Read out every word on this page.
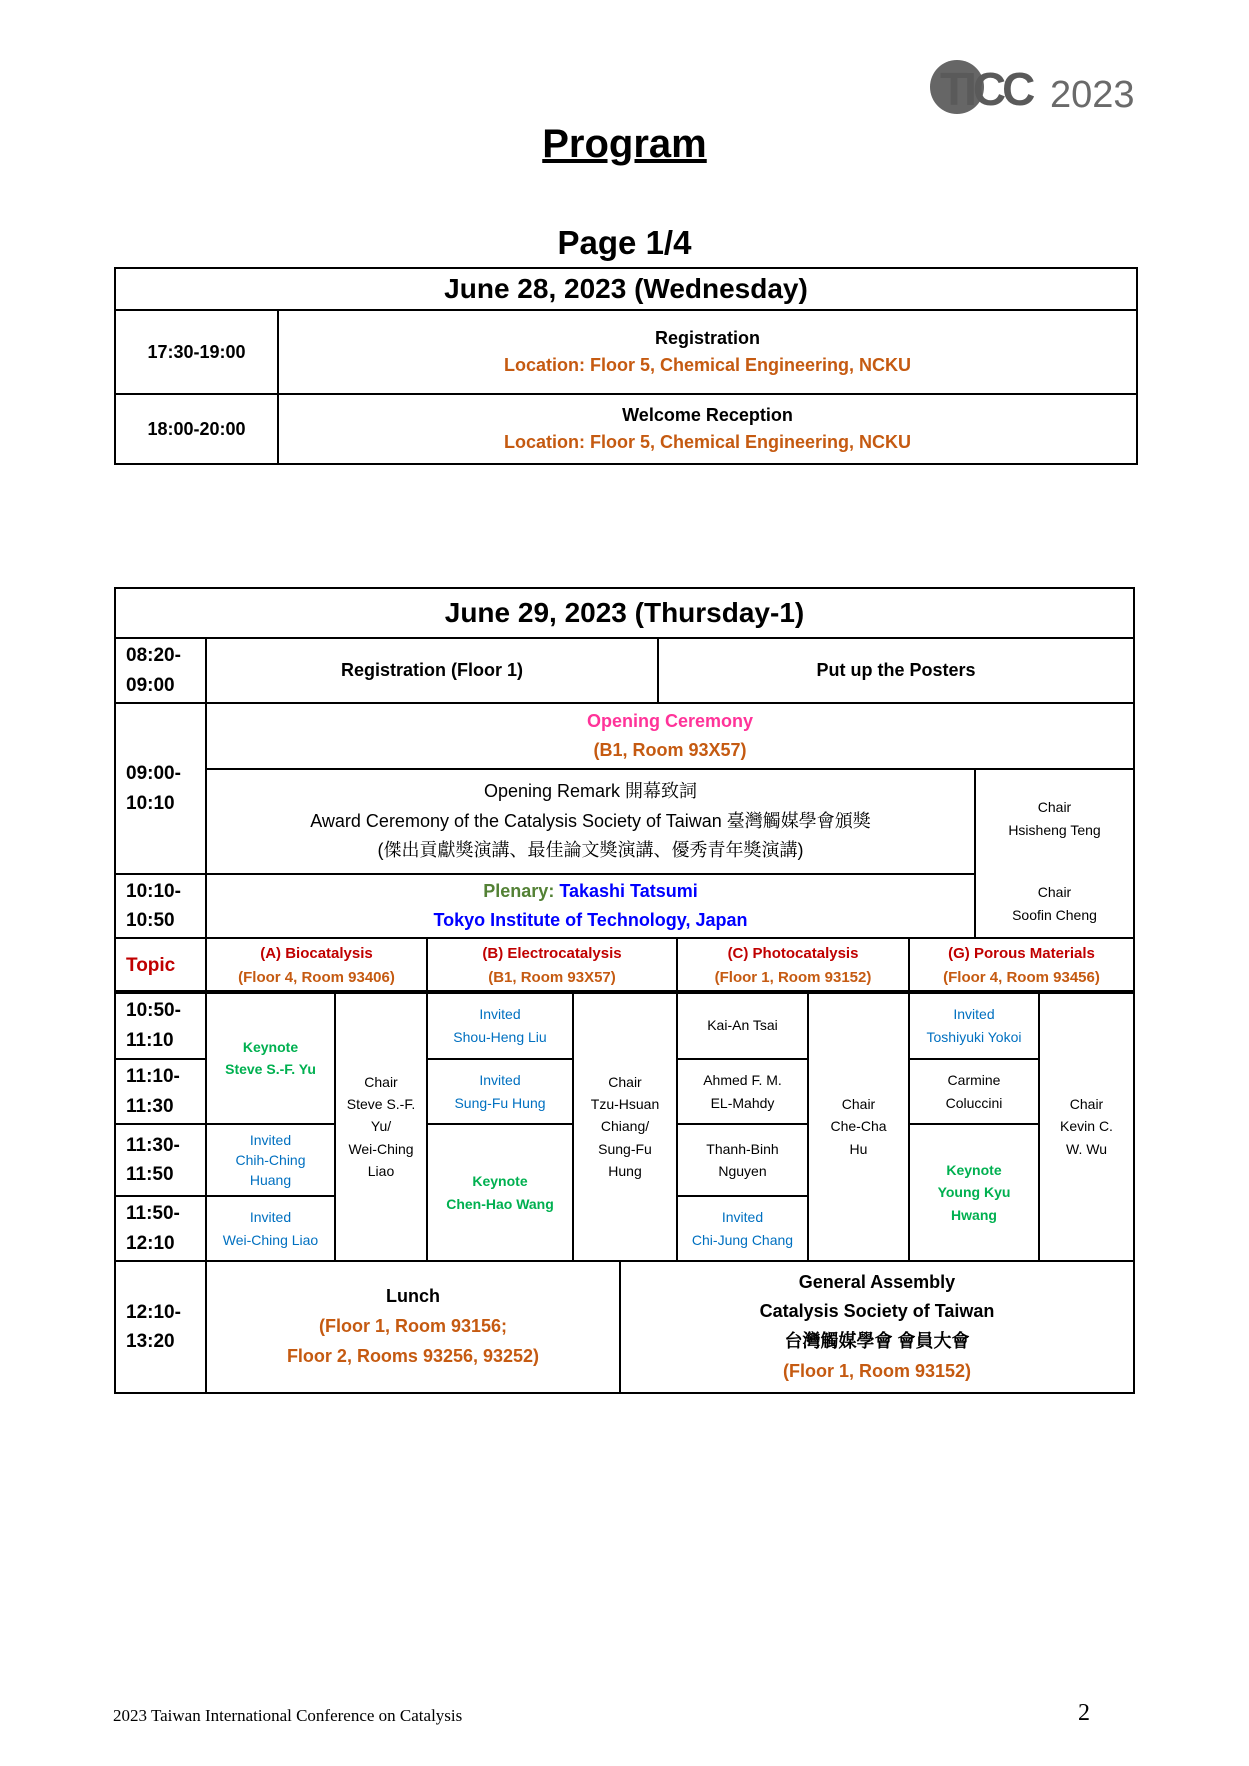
TICC 2023
Program
Page 1/4
June 28, 2023 (Wednesday)
17:30-19:00
Registration
Location: Floor 5, Chemical Engineering, NCKU
18:00-20:00
Welcome Reception
Location: Floor 5, Chemical Engineering, NCKU
June 29, 2023 (Thursday-1)
08:20-
09:00
Registration (Floor 1)	Put up the Posters
09:00-
10:10
Opening Ceremony
(B1, Room 93X57)
Opening Remark 開幕致詞
Award Ceremony of the Catalysis Society of Taiwan 臺灣觸媒學會頒獎
(傑出貢獻獎演講、最佳論文獎演講、優秀青年獎演講)
Chair
Hsisheng Teng
Chair
Soofin Cheng
10:10-
10:50
Plenary: Takashi Tatsumi
Tokyo Institute of Technology, Japan
Topic
(A) Biocatalysis
(Floor 4, Room 93406)
(B) Electrocatalysis
(B1, Room 93X57)
(C) Photocatalysis
(Floor 1, Room 93152)
(G) Porous Materials
(Floor 4, Room 93456)
10:50-
11:10
11:10-
11:30
11:30-
11:50
11:50-
12:10
Keynote
Steve S.-F. Yu
Invited
Chih-Ching
Huang
Invited
Wei-Ching Liao
Chair
Steve S.-F.
Yu/
Wei-Ching
Liao
Invited
Shou-Heng Liu
Invited
Sung-Fu Hung
Keynote
Chen-Hao Wang
Chair
Tzu-Hsuan
Chiang/
Sung-Fu
Hung
Kai-An Tsai
Ahmed F. M.
EL-Mahdy
Thanh-Binh
Nguyen
Invited
Chi-Jung Chang
Chair
Che-Cha
Hu
Invited
Toshiyuki Yokoi
Carmine
Coluccini
Keynote
Young Kyu
Hwang
Chair
Kevin C.
W. Wu
12:10-
13:20
Lunch
(Floor 1, Room 93156;
Floor 2, Rooms 93256, 93252)
General Assembly
Catalysis Society of Taiwan
台灣觸媒學會 會員大會
(Floor 1, Room 93152)
2023 Taiwan International Conference on Catalysis	2
